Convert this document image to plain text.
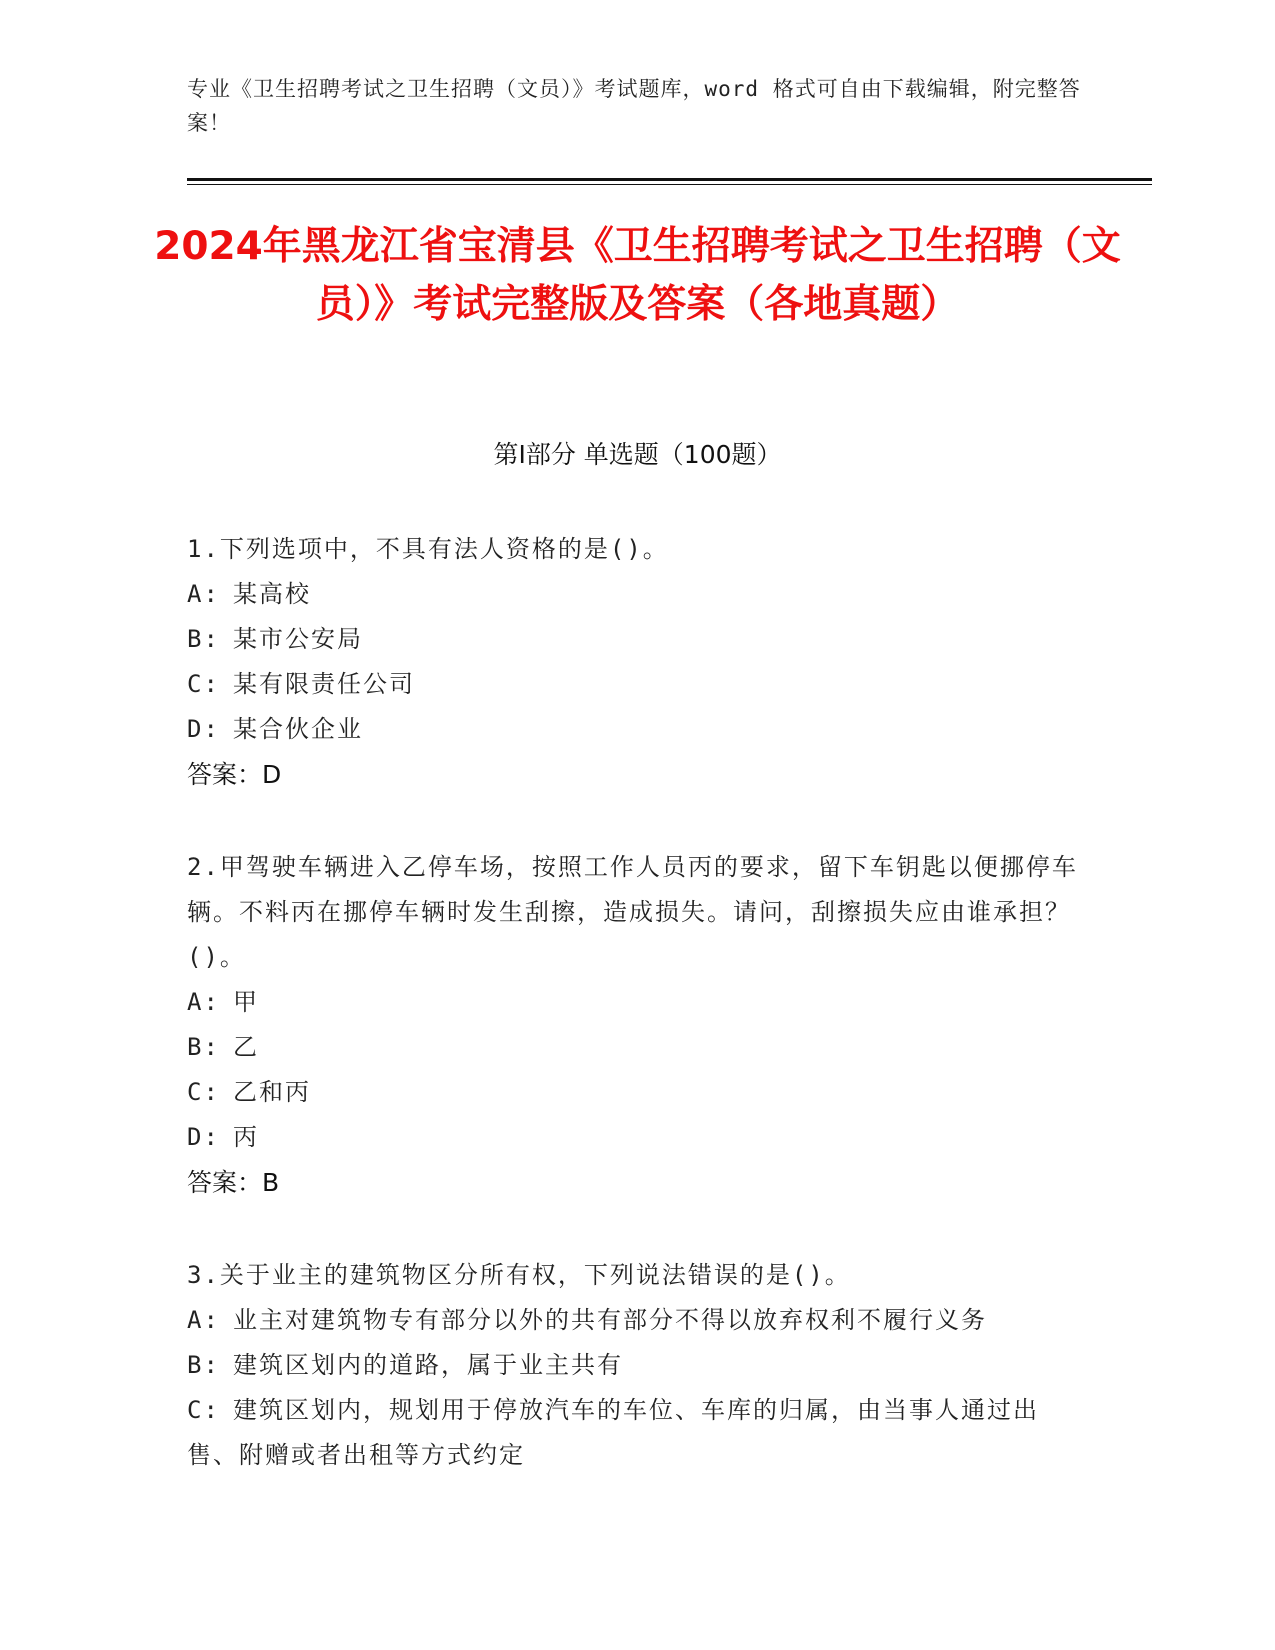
专业《卫生招聘考试之卫生招聘（文员）》考试题库，word 格式可自由下载编辑，附完整答案！
2024年黑龙江省宝清县《卫生招聘考试之卫生招聘（文员）》考试完整版及答案（各地真题）
第Ⅰ部分 单选题（100题）

1.下列选项中，不具有法人资格的是()。

A: 某高校

B: 某市公安局

C: 某有限责任公司

D: 某合伙企业

答案：D

2.甲驾驶车辆进入乙停车场，按照工作人员丙的要求，留下车钥匙以便挪停车辆。不料丙在挪停车辆时发生刮擦，造成损失。请问，刮擦损失应由谁承担？()。

A: 甲

B: 乙

C: 乙和丙

D: 丙

答案：B

3.关于业主的建筑物区分所有权，下列说法错误的是()。

A: 业主对建筑物专有部分以外的共有部分不得以放弃权利不履行义务

B: 建筑区划内的道路，属于业主共有

C: 建筑区划内，规划用于停放汽车的车位、车库的归属，由当事人通过出售、附赠或者出租等方式约定
